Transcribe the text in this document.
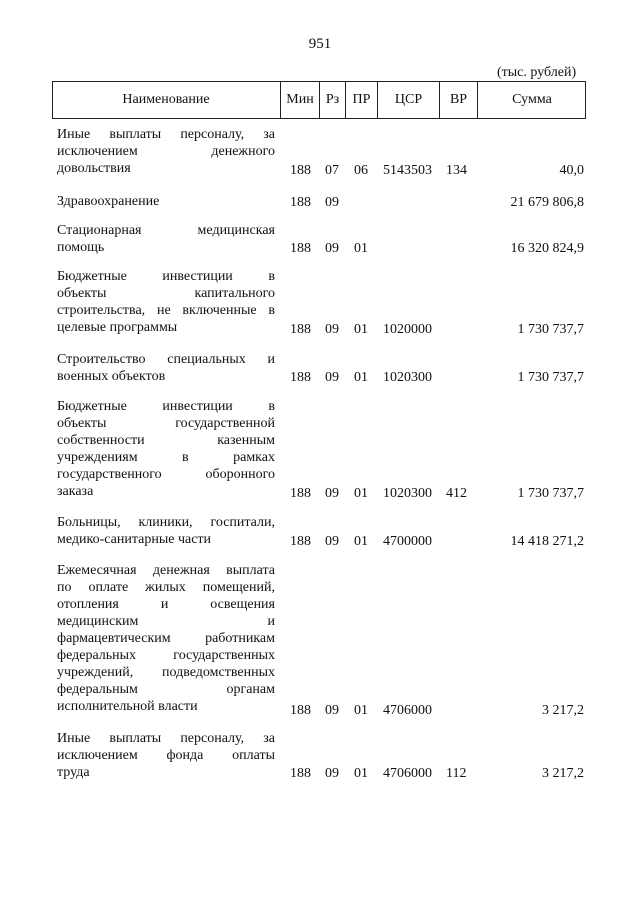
951
(тыс. рублей)
Наименование	Мин Рз ПР	ЦСР	ВР	Сумма
Иные выплаты персоналу, за
исключением денежного
довольствия	188 07 06 5143503 134	40,0
Здравоохранение	188 09	21 679 806,8
Стационарная медицинская
помощь	188 09 01	16 320 824,9
Бюджетные инвестиции в
объекты капитального
строительства, не включенные в
целевые программы	188 09 01 1020000	1 730 737,7
Строительство специальных и
военных объектов	188 09 01 1020300	1 730 737,7
Бюджетные инвестиции в
объекты государственной
собственности казенным
учреждениям в рамках
государственного оборонного
заказа	188 09 01 1020300 412	1 730 737,7
Больницы, клиники, госпитали,
медико-санитарные части	188 09 01 4700000	14 418 271,2
Ежемесячная денежная выплата
по оплате жилых помещений,
отопления и освещения
медицинским и
фармацевтическим работникам
федеральных государственных
учреждений, подведомственных
федеральным органам
исполнительной власти	188 09 01 4706000	3 217,2
Иные выплаты персоналу, за
исключением фонда оплаты
труда	188 09 01 4706000 112	3 217,2
